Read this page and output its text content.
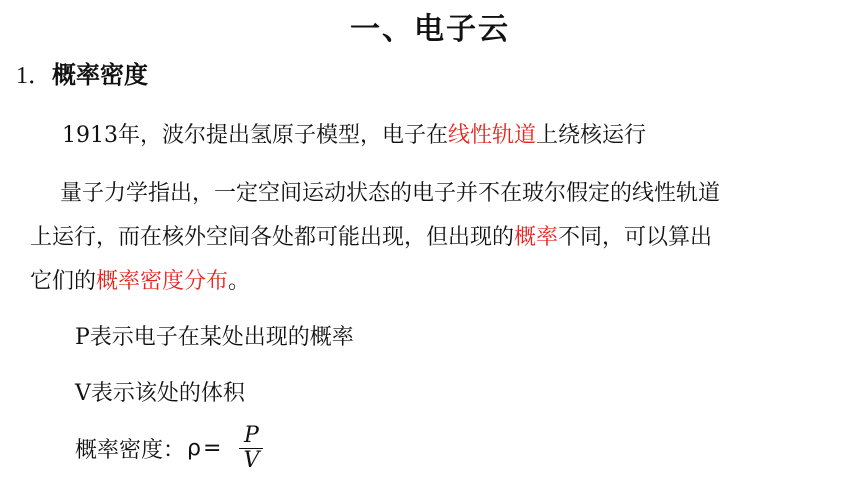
一、电子云
1．概率密度
1913年，波尔提出氢原子模型，电子在线性轨道上绕核运行
量子力学指出，一定空间运动状态的电子并不在玻尔假定的线性轨道
上运行，而在核外空间各处都可能出现，但出现的概率不同，可以算出
它们的概率密度分布。
P表示电子在某处出现的概率
V表示该处的体积
概率密度： $\rho = \frac{P}{V}$
